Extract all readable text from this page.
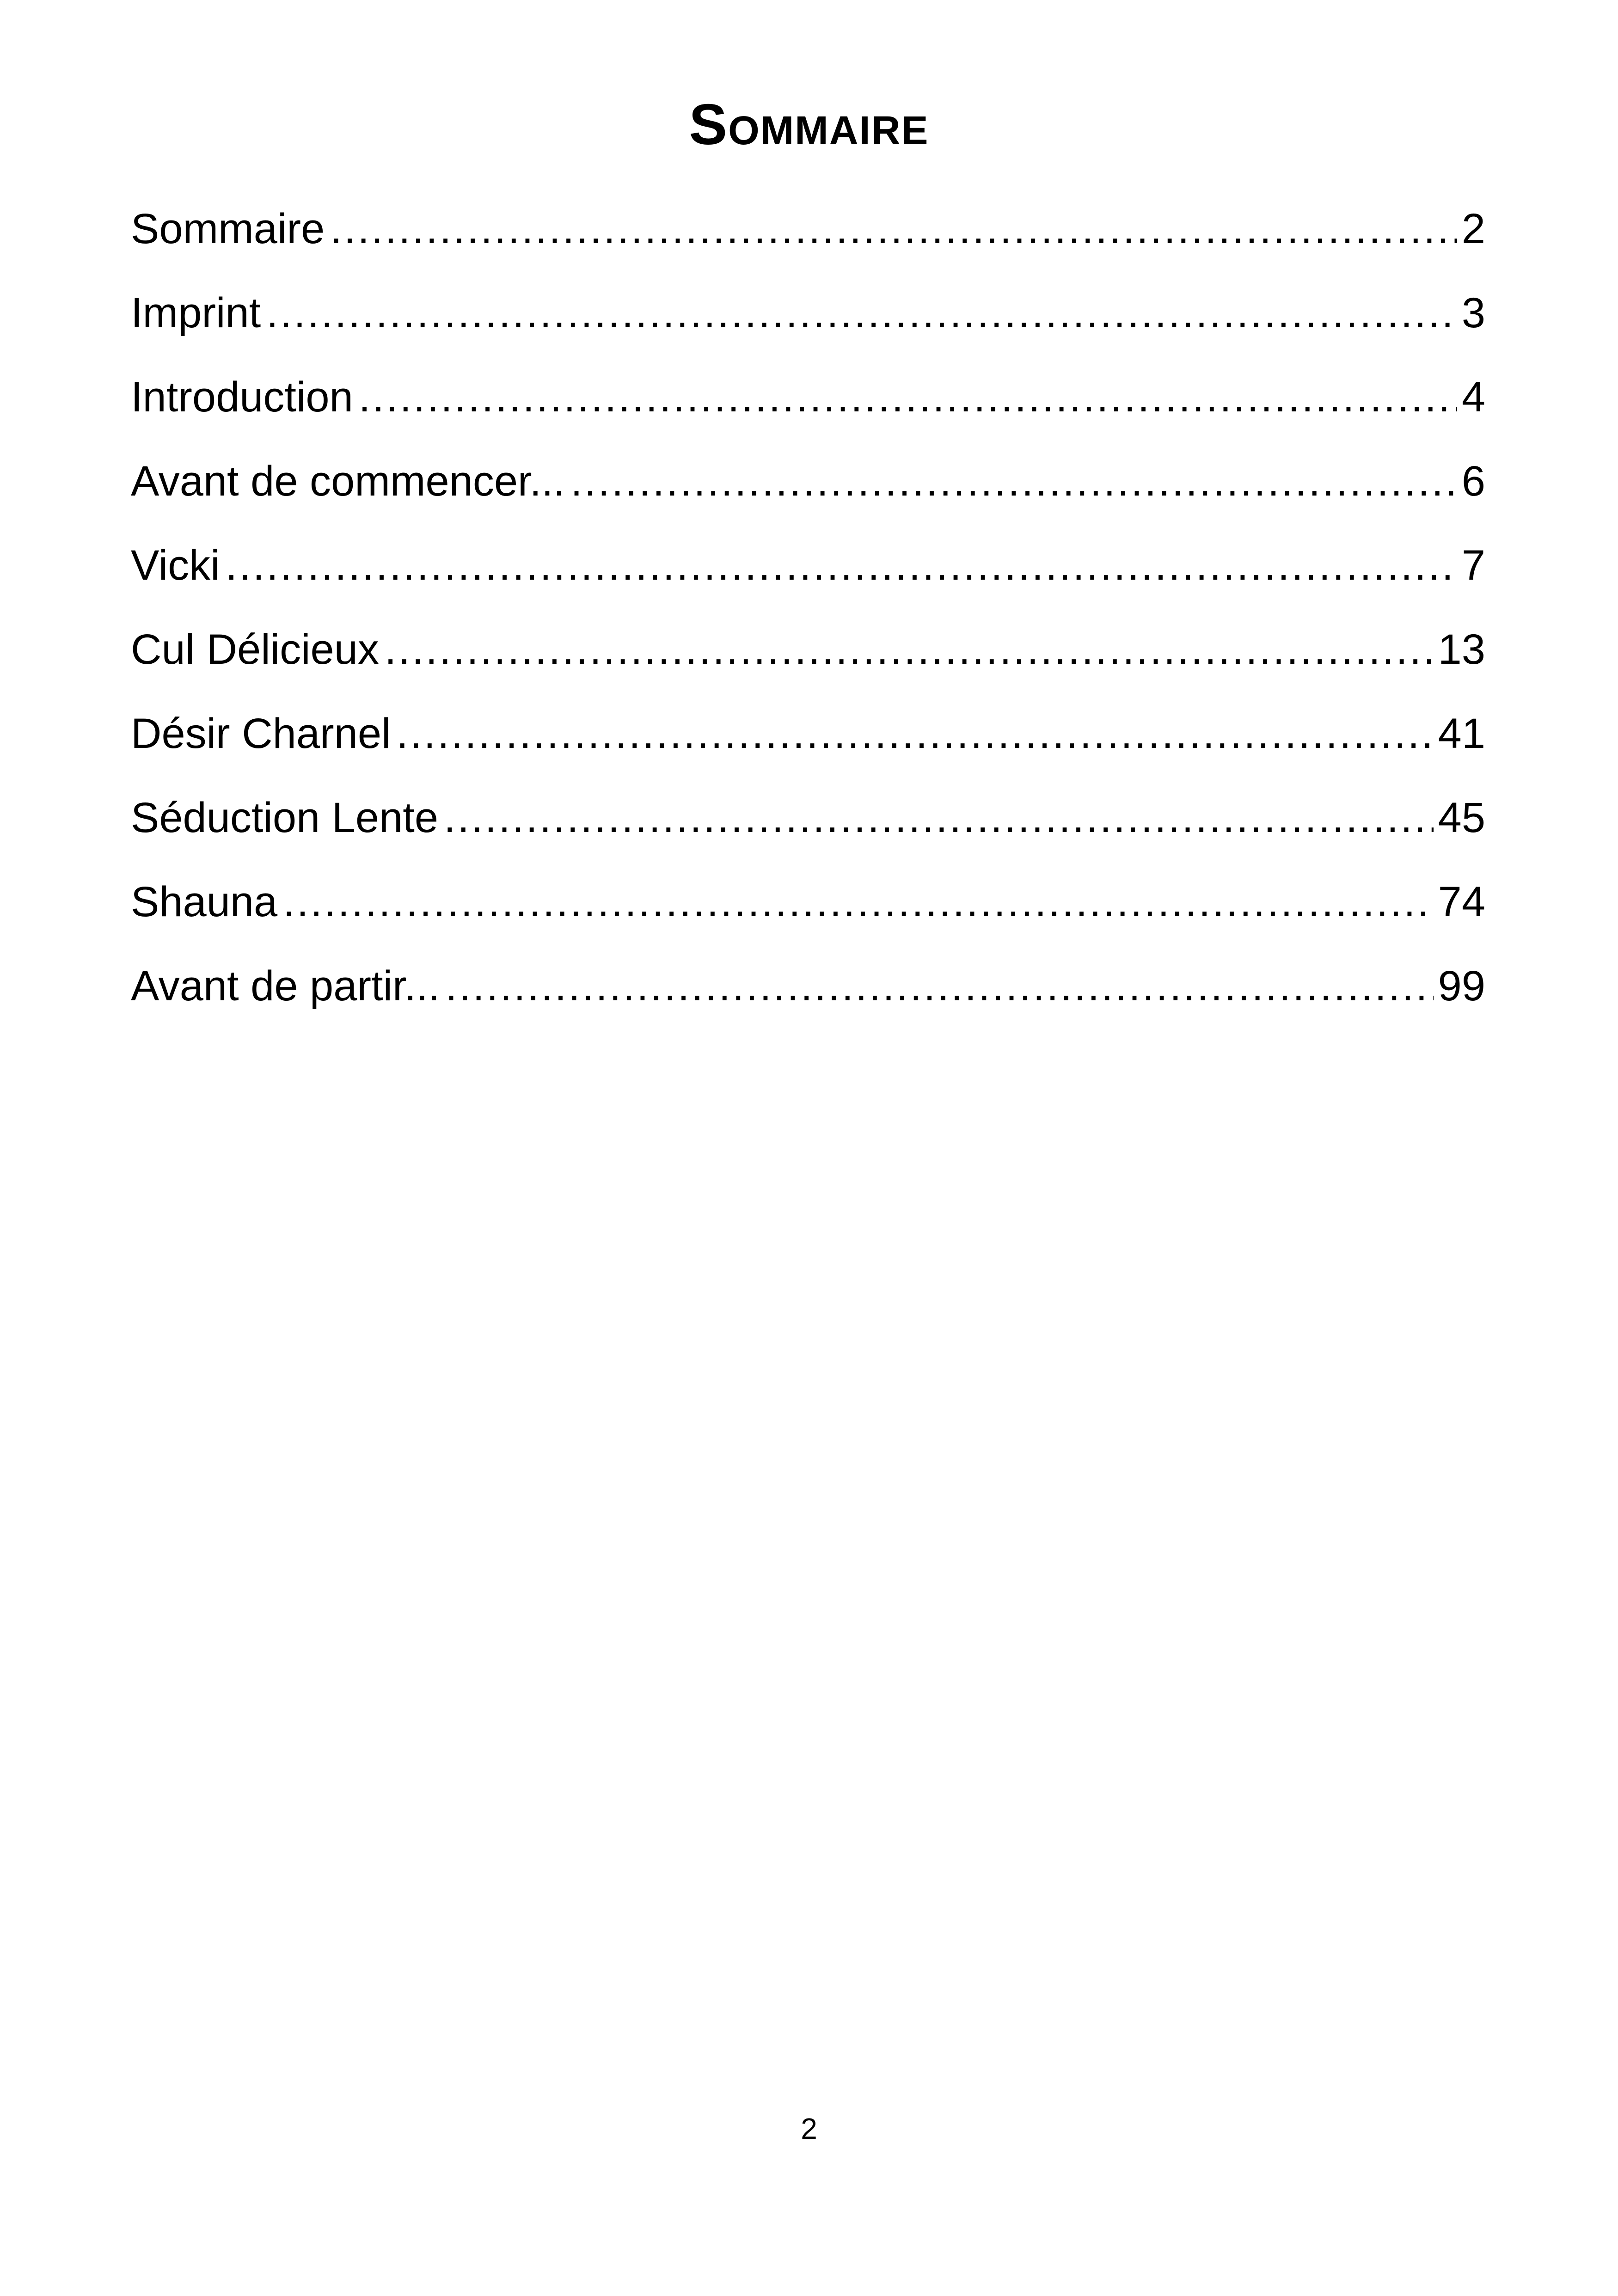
Sommaire
Sommaire .....	2
Imprint .....	3
Introduction .....	4
Avant de commencer... .....	6
Vicki .....	7
Cul Délicieux .....	13
Désir Charnel .....	41
Séduction Lente .....	45
Shauna .....	74
Avant de partir... .....	99
2
